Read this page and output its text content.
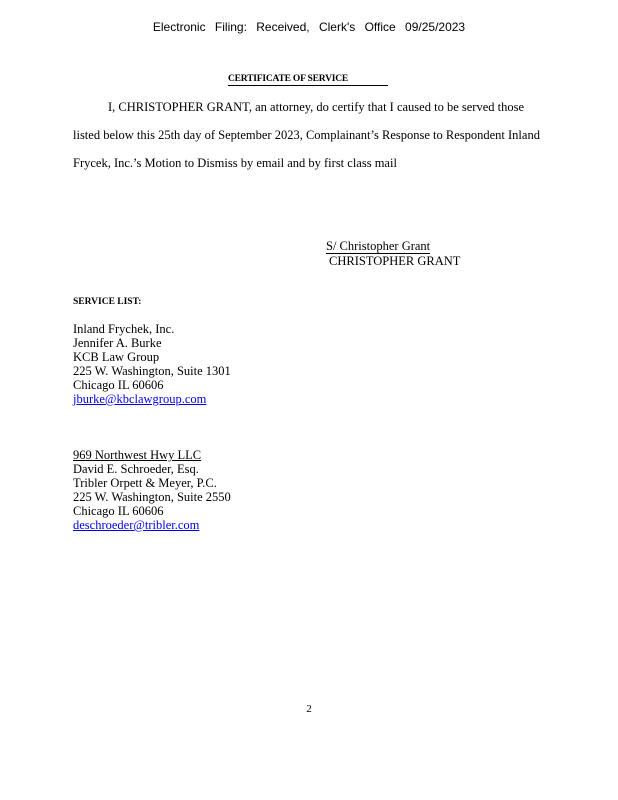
Electronic Filing: Received, Clerk's Office 09/25/2023
CERTIFICATE OF SERVICE
I, CHRISTOPHER GRANT, an attorney, do certify that I caused to be served those
listed below this 25th day of September 2023, Complainant’s Response to Respondent Inland
Frycek, Inc.’s Motion to Dismiss by email and by first class mail
S/ Christopher Grant
CHRISTOPHER GRANT
SERVICE LIST:
Inland Frychek, Inc.
Jennifer A. Burke
KCB Law Group
225 W. Washington, Suite 1301
Chicago IL 60606
jburke@kbclawgroup.com
969 Northwest Hwy LLC
David E. Schroeder, Esq.
Tribler Orpett & Meyer, P.C.
225 W. Washington, Suite 2550
Chicago IL 60606
deschroeder@tribler.com
2
